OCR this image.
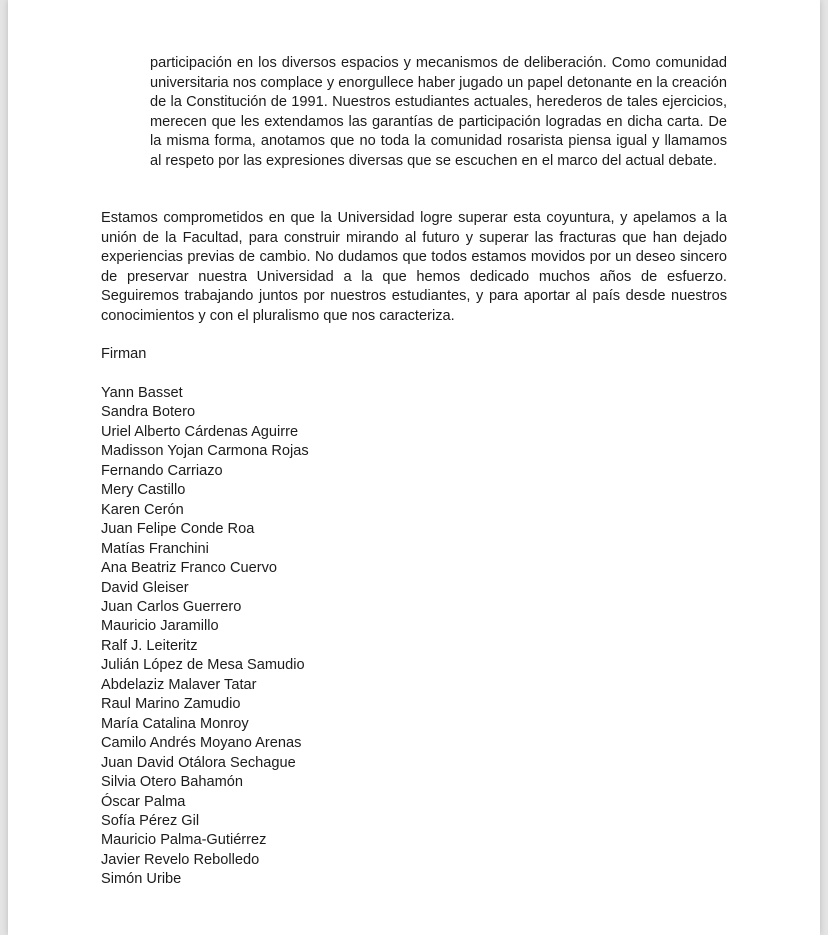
participación en los diversos espacios y mecanismos de deliberación. Como comunidad universitaria nos complace y enorgullece haber jugado un papel detonante en la creación de la Constitución de 1991. Nuestros estudiantes actuales, herederos de tales ejercicios, merecen que les extendamos las garantías de participación logradas en dicha carta. De la misma forma, anotamos que no toda la comunidad rosarista piensa igual y llamamos al respeto por las expresiones diversas que se escuchen en el marco del actual debate.

Estamos comprometidos en que la Universidad logre superar esta coyuntura, y apelamos a la unión de la Facultad, para construir mirando al futuro y superar las fracturas que han dejado experiencias previas de cambio. No dudamos que todos estamos movidos por un deseo sincero de preservar nuestra Universidad a la que hemos dedicado muchos años de esfuerzo. Seguiremos trabajando juntos por nuestros estudiantes, y para aportar al país desde nuestros conocimientos y con el pluralismo que nos caracteriza.

Firman

Yann Basset
Sandra Botero
Uriel Alberto Cárdenas Aguirre
Madisson Yojan Carmona Rojas
Fernando Carriazo
Mery Castillo
Karen Cerón
Juan Felipe Conde Roa
Matías Franchini
Ana Beatriz Franco Cuervo
David Gleiser
Juan Carlos Guerrero
Mauricio Jaramillo
Ralf J. Leiteritz
Julián López de Mesa Samudio
Abdelaziz Malaver Tatar
Raul Marino Zamudio
María Catalina Monroy
Camilo Andrés Moyano Arenas
Juan David Otálora Sechague
Silvia Otero Bahamón
Óscar Palma
Sofía Pérez Gil
Mauricio Palma-Gutiérrez
Javier Revelo Rebolledo
Simón Uribe
